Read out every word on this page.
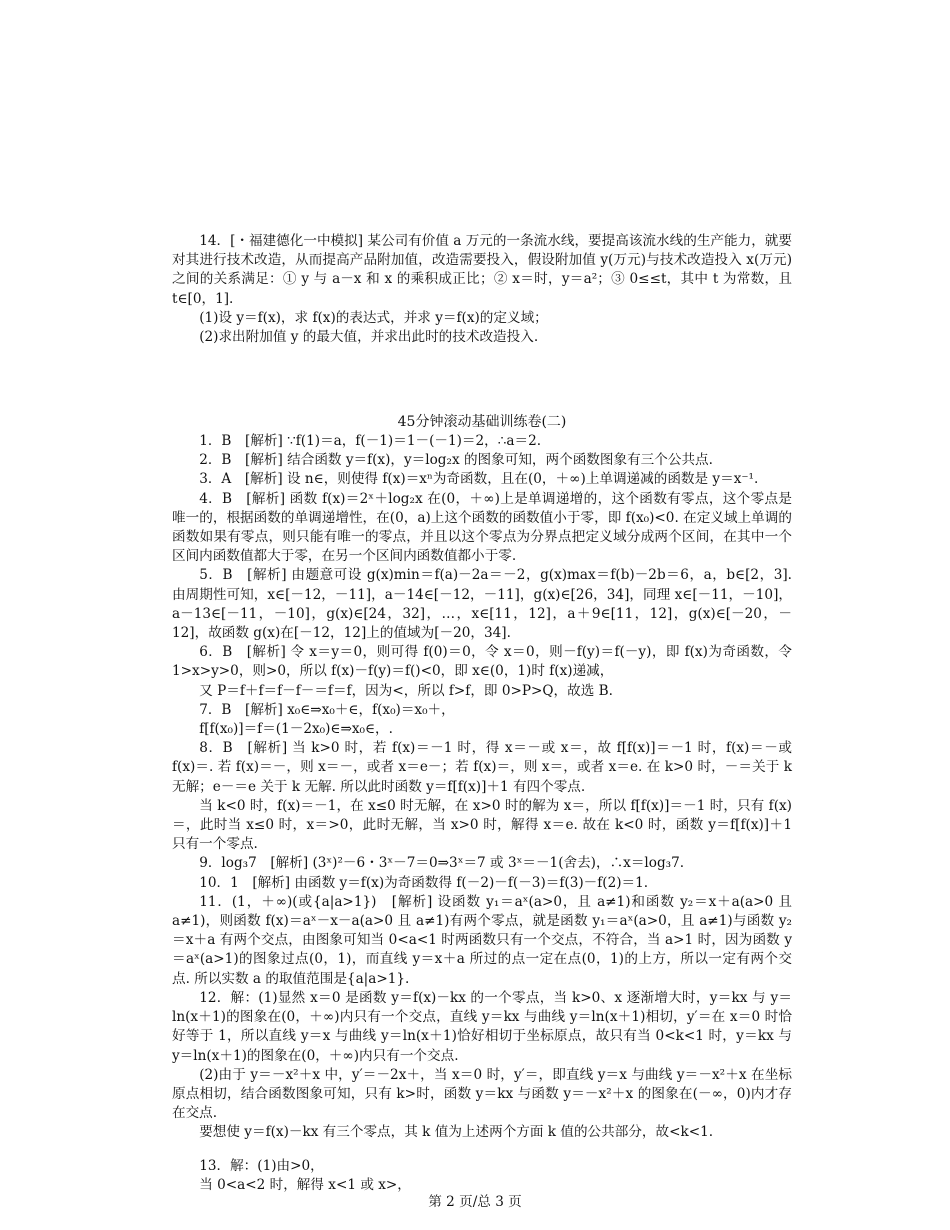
14．[・福建德化一中模拟] 某公司有价值 a 万元的一条流水线，要提高该流水线的生产能力，就要对其进行技术改造，从而提高产品附加值，改造需要投入，假设附加值 y(万元)与技术改造投入 x(万元)之间的关系满足：① y 与 a－x 和 x 的乘积成正比；② x＝时，y＝a²；③ 0≤≤t，其中 t 为常数，且 t∈[0，1].

(1)设 y＝f(x)，求 f(x)的表达式，并求 y＝f(x)的定义域；

(2)求出附加值 y 的最大值，并求出此时的技术改造投入.

45分钟滚动基础训练卷(二)

1．B　[解析] ∵f(1)＝a，f(－1)＝1－(－1)＝2，∴a＝2.

2．B　[解析] 结合函数 y＝f(x)，y＝log₂x 的图象可知，两个函数图象有三个公共点.

3．A　[解析] 设 n∈，则使得 f(x)＝xⁿ为奇函数，且在(0，＋∞)上单调递减的函数是 y＝x⁻¹.

4．B　[解析] 函数 f(x)＝2ˣ＋log₂x 在(0，＋∞)上是单调递增的，这个函数有零点，这个零点是唯一的，根据函数的单调递增性，在(0，a)上这个函数的函数值小于零，即 f(x₀)<0. 在定义域上单调的函数如果有零点，则只能有唯一的零点，并且以这个零点为分界点把定义域分成两个区间，在其中一个区间内函数值都大于零，在另一个区间内函数值都小于零.

5．B　[解析] 由题意可设 g(x)min＝f(a)－2a＝－2，g(x)max＝f(b)－2b＝6，a，b∈[2，3]. 由周期性可知，x∈[－12，－11]，a－14∈[－12，－11]，g(x)∈[26，34]，同理 x∈[－11，－10]，a－13∈[－11，－10]，g(x)∈[24，32]，…，x∈[11，12]，a＋9∈[11，12]，g(x)∈[－20，－12]，故函数 g(x)在[－12，12]上的值域为[－20，34].

6．B　[解析] 令 x＝y＝0，则可得 f(0)＝0，令 x＝0，则－f(y)＝f(－y)，即 f(x)为奇函数，令 1>x>y>0，则>0，所以 f(x)－f(y)＝f()<0，即 x∈(0，1)时 f(x)递减，

又 P＝f＋f＝f－f－＝f＝f，因为<，所以 f>f，即 0>P>Q，故选 B.

7．B　[解析] x₀∈⇒x₀＋∈，f(x₀)＝x₀＋，

f[f(x₀)]＝f＝(1－2x₀)∈⇒x₀∈，.

8．B　[解析] 当 k>0 时，若 f(x)＝－1 时，得 x＝－或 x＝，故 f[f(x)]＝－1 时，f(x)＝－或 f(x)＝. 若 f(x)＝－，则 x＝－，或者 x＝e－；若 f(x)＝，则 x＝，或者 x＝e. 在 k>0 时，－＝关于 k 无解；e－＝e 关于 k 无解. 所以此时函数 y＝f[f(x)]＋1 有四个零点.

当 k<0 时，f(x)＝－1，在 x≤0 时无解，在 x>0 时的解为 x＝，所以 f[f(x)]＝－1 时，只有 f(x)＝，此时当 x≤0 时，x＝>0，此时无解，当 x>0 时，解得 x＝e. 故在 k<0 时，函数 y＝f[f(x)]＋1 只有一个零点.

9．log₃7　[解析] (3ˣ)²－6・3ˣ－7＝0⇒3ˣ＝7 或 3ˣ＝－1(舍去)，∴x＝log₃7.

10．1　[解析] 由函数 y＝f(x)为奇函数得 f(－2)－f(－3)＝f(3)－f(2)＝1.

11．(1，＋∞)(或{a|a>1})　[解析] 设函数 y₁＝aˣ(a>0，且 a≠1)和函数 y₂＝x＋a(a>0 且 a≠1)，则函数 f(x)＝aˣ－x－a(a>0 且 a≠1)有两个零点，就是函数 y₁＝aˣ(a>0，且 a≠1)与函数 y₂＝x＋a 有两个交点，由图象可知当 0<a<1 时两函数只有一个交点，不符合，当 a>1 时，因为函数 y＝aˣ(a>1)的图象过点(0，1)，而直线 y＝x＋a 所过的点一定在点(0，1)的上方，所以一定有两个交点. 所以实数 a 的取值范围是{a|a>1}.

12．解：(1)显然 x＝0 是函数 y＝f(x)－kx 的一个零点，当 k>0、x 逐渐增大时，y＝kx 与 y＝ln(x＋1)的图象在(0，＋∞)内只有一个交点，直线 y＝kx 与曲线 y＝ln(x＋1)相切，y′＝在 x＝0 时恰好等于 1，所以直线 y＝x 与曲线 y＝ln(x＋1)恰好相切于坐标原点，故只有当 0<k<1 时，y＝kx 与 y＝ln(x＋1)的图象在(0，＋∞)内只有一个交点.

(2)由于 y＝－x²＋x 中，y′＝－2x＋，当 x＝0 时，y′＝，即直线 y＝x 与曲线 y＝－x²＋x 在坐标原点相切，结合函数图象可知，只有 k>时，函数 y＝kx 与函数 y＝－x²＋x 的图象在(－∞，0)内才存在交点.

要想使 y＝f(x)－kx 有三个零点，其 k 值为上述两个方面 k 值的公共部分，故<k<1.

13．解：(1)由>0，

当 0<a<2 时，解得 x<1 或 x>，

第 2 页/总 3 页
